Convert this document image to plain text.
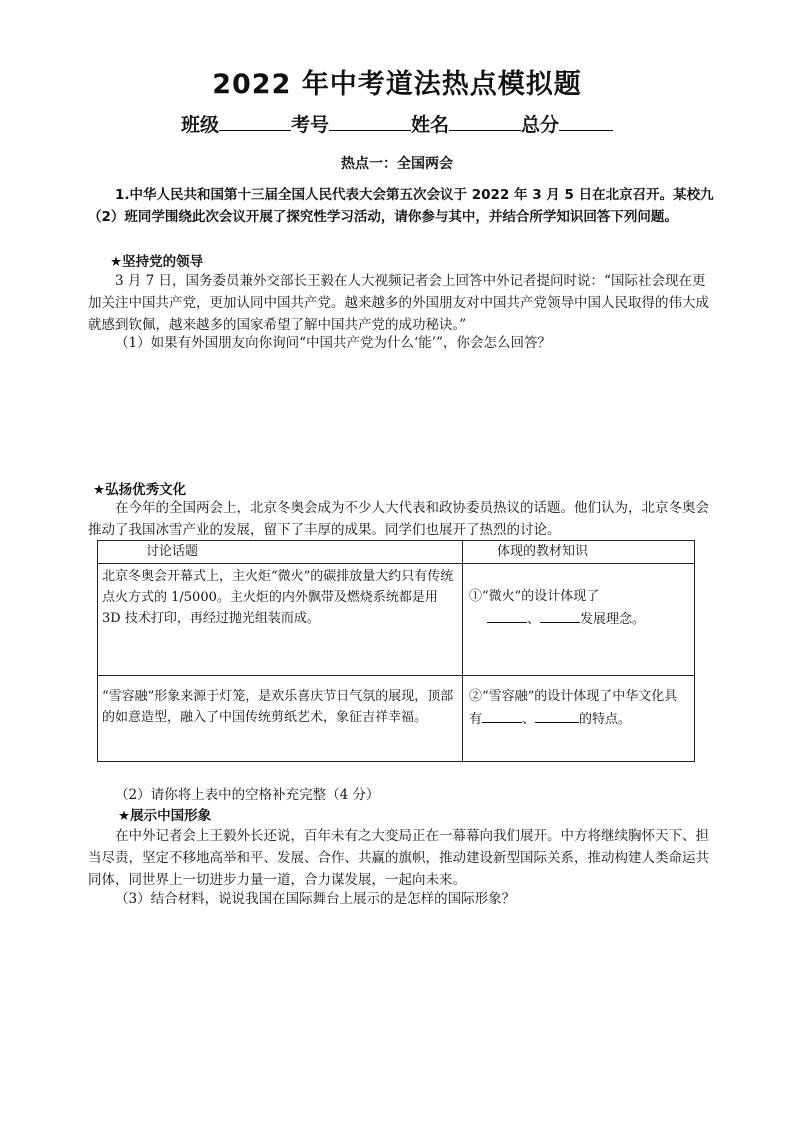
2022 年中考道法热点模拟题
班级	考号	姓名	总分
热点一：全国两会
1.中华人民共和国第十三届全国人民代表大会第五次会议于 2022 年 3 月 5 日在北京召开。某校九（2）班同学围绕此次会议开展了探究性学习活动，请你参与其中，并结合所学知识回答下列问题。
★坚持党的领导
3 月 7 日，国务委员兼外交部长王毅在人大视频记者会上回答中外记者提问时说：“国际社会现在更加关注中国共产党，更加认同中国共产党。越来越多的外国朋友对中国共产党领导中国人民取得的伟大成就感到钦佩，越来越多的国家希望了解中国共产党的成功秘诀。”
（1）如果有外国朋友向你询问“中国共产党为什么‘能’”，你会怎么回答？
★弘扬优秀文化
在今年的全国两会上，北京冬奥会成为不少人大代表和政协委员热议的话题。他们认为，北京冬奥会推动了我国冰雪产业的发展，留下了丰厚的成果。同学们也展开了热烈的讨论。
讨论话题	体现的教材知识
北京冬奥会开幕式上，主火炬“微火”的碳排放量大约只有传统点火方式的 1/5000。主火炬的内外飘带及燃烧系统都是用 3D 技术打印，再经过抛光组装而成。	①“微火”的设计体现了
、 发展理念。

“雪容融”形象来源于灯笼，是欢乐喜庆节日气氛的展现，顶部的如意造型，融入了中国传统剪纸艺术，象征吉祥幸福。	②“雪容融”的设计体现了中华文化具有 、 的特点。
（2）请你将上表中的空格补充完整（4 分）
★展示中国形象
在中外记者会上王毅外长还说，百年未有之大变局正在一幕幕向我们展开。中方将继续胸怀天下、担当尽责，坚定不移地高举和平、发展、合作、共赢的旗帜，推动建设新型国际关系，推动构建人类命运共同体，同世界上一切进步力量一道，合力谋发展，一起向未来。
（3）结合材料，说说我国在国际舞台上展示的是怎样的国际形象？
